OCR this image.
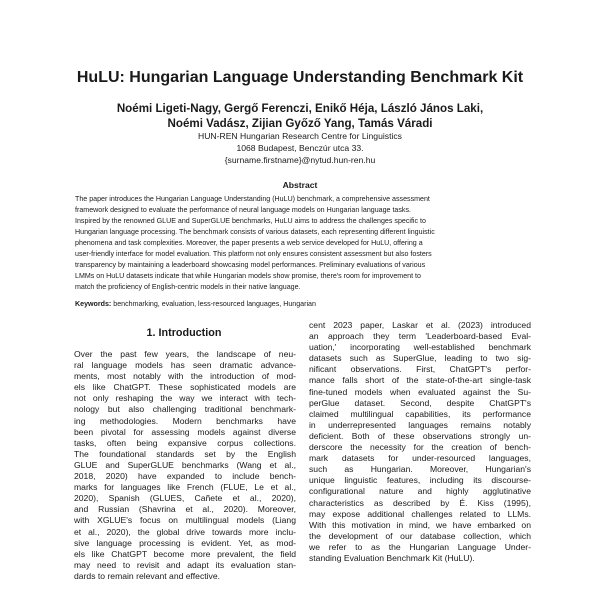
HuLU: Hungarian Language Understanding Benchmark Kit
Noémi Ligeti-Nagy, Gergő Ferenczi, Enikő Héja, László János Laki,
Noémi Vadász, Zijian Győző Yang, Tamás Váradi
HUN-REN Hungarian Research Centre for Linguistics
1068 Budapest, Benczúr utca 33.
{surname.firstname}@nytud.hun-ren.hu
Abstract
The paper introduces the Hungarian Language Understanding (HuLU) benchmark, a comprehensive assessment
framework designed to evaluate the performance of neural language models on Hungarian language tasks.
Inspired by the renowned GLUE and SuperGLUE benchmarks, HuLU aims to address the challenges specific to
Hungarian language processing. The benchmark consists of various datasets, each representing different linguistic
phenomena and task complexities. Moreover, the paper presents a web service developed for HuLU, offering a
user-friendly interface for model evaluation. This platform not only ensures consistent assessment but also fosters
transparency by maintaining a leaderboard showcasing model performances. Preliminary evaluations of various
LMMs on HuLU datasets indicate that while Hungarian models show promise, there's room for improvement to
match the proficiency of English-centric models in their native language.
Keywords: benchmarking, evaluation, less-resourced languages, Hungarian
1. Introduction
Over the past few years, the landscape of neu-
ral language models has seen dramatic advance-
ments, most notably with the introduction of mod-
els like ChatGPT. These sophisticated models are
not only reshaping the way we interact with tech-
nology but also challenging traditional benchmark-
ing methodologies. Modern benchmarks have
been pivotal for assessing models against diverse
tasks, often being expansive corpus collections.
The foundational standards set by the English
GLUE and SuperGLUE benchmarks (Wang et al.,
2018, 2020) have expanded to include bench-
marks for languages like French (FLUE, Le et al.,
2020), Spanish (GLUES, Cañete et al., 2020),
and Russian (Shavrina et al., 2020). Moreover,
with XGLUE's focus on multilingual models (Liang
et al., 2020), the global drive towards more inclu-
sive language processing is evident. Yet, as mod-
els like ChatGPT become more prevalent, the field
may need to revisit and adapt its evaluation stan-
dards to remain relevant and effective.
cent 2023 paper, Laskar et al. (2023) introduced
an approach they term 'Leaderboard-based Eval-
uation,' incorporating well-established benchmark
datasets such as SuperGlue, leading to two sig-
nificant observations. First, ChatGPT's perfor-
mance falls short of the state-of-the-art single-task
fine-tuned models when evaluated against the Su-
perGlue dataset. Second, despite ChatGPT's
claimed multilingual capabilities, its performance
in underrepresented languages remains notably
deficient. Both of these observations strongly un-
derscore the necessity for the creation of bench-
mark datasets for under-resourced languages,
such as Hungarian. Moreover, Hungarian's
unique linguistic features, including its discourse-
configurational nature and highly agglutinative
characteristics as described by É. Kiss (1995),
may expose additional challenges related to LLMs.
With this motivation in mind, we have embarked on
the development of our database collection, which
we refer to as the Hungarian Language Under-
standing Evaluation Benchmark Kit (HuLU).
